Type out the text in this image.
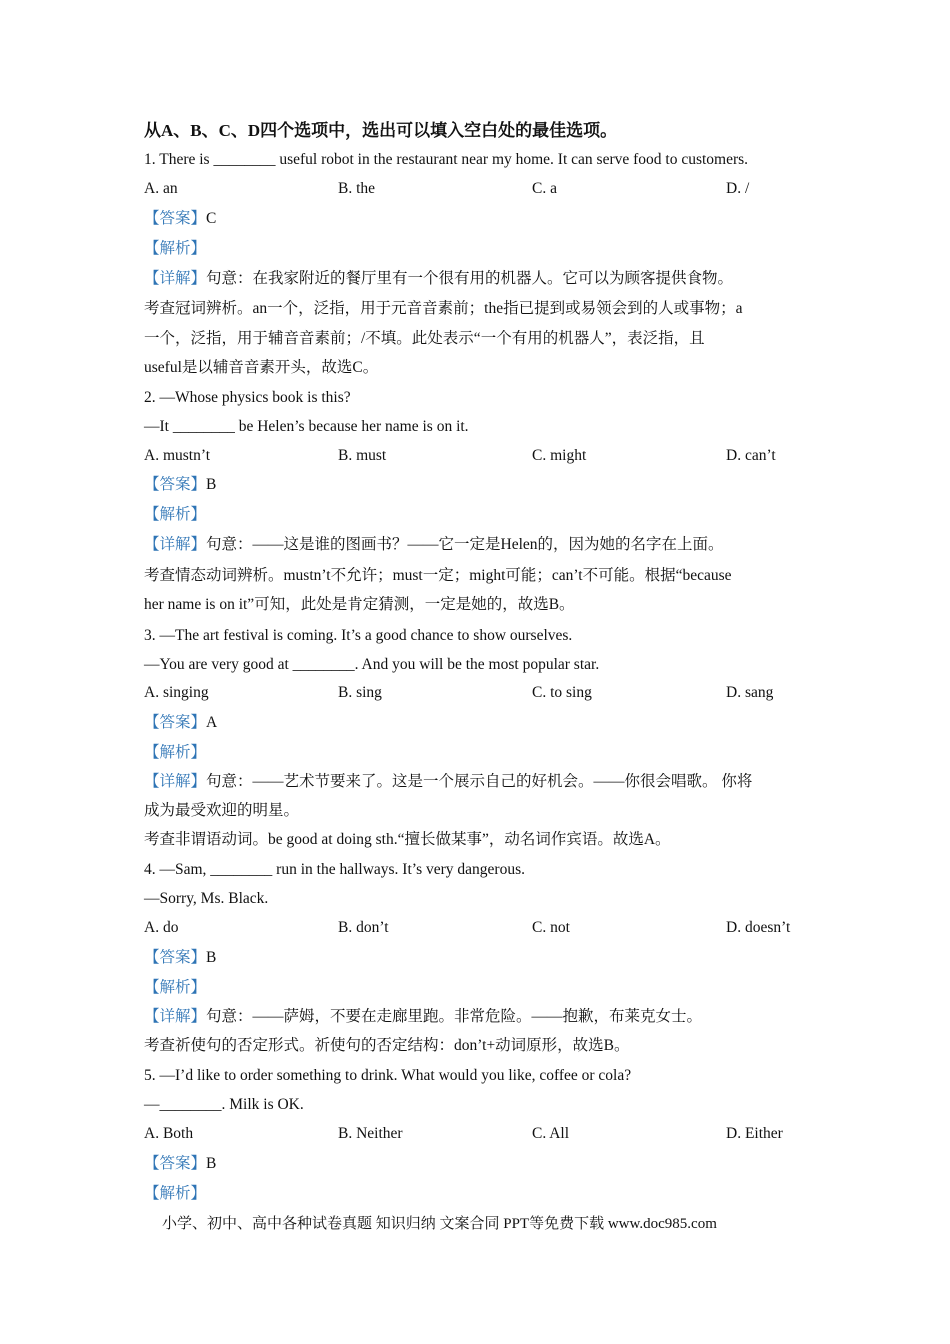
从A、B、C、D四个选项中，选出可以填入空白处的最佳选项。
1. There is ________ useful robot in the restaurant near my home. It can serve food to customers.
A. an	B. the	C. a	D. /
【答案】C
【解析】
【详解】句意：在我家附近的餐厅里有一个很有用的机器人。它可以为顾客提供食物。
考查冠词辨析。an一个，泛指，用于元音音素前；the指已提到或易领会到的人或事物；a
一个，泛指，用于辅音音素前；/不填。此处表示“一个有用的机器人”，表泛指，且
useful是以辅音音素开头，故选C。
2. —Whose physics book is this?
—It ________ be Helen’s because her name is on it.
A. mustn’t	B. must	C. might	D. can’t
【答案】B
【解析】
【详解】句意：——这是谁的图画书？——它一定是Helen的，因为她的名字在上面。
考查情态动词辨析。mustn’t不允许；must一定；might可能；can’t不可能。根据“because
her name is on it”可知，此处是肯定猜测，一定是她的，故选B。
3. —The art festival is coming. It’s a good chance to show ourselves.
—You are very good at ________. And you will be the most popular star.
A. singing	B. sing	C. to sing	D. sang
【答案】A
【解析】
【详解】句意：——艺术节要来了。这是一个展示自己的好机会。——你很会唱歌。 你将
成为最受欢迎的明星。
考查非谓语动词。be good at doing sth.“擅长做某事”，动名词作宾语。故选A。
4. —Sam, ________ run in the hallways. It’s very dangerous.
—Sorry, Ms. Black.
A. do	B. don’t	C. not	D. doesn’t
【答案】B
【解析】
【详解】句意：——萨姆，不要在走廊里跑。非常危险。——抱歉，布莱克女士。
考查祈使句的否定形式。祈使句的否定结构：don’t+动词原形，故选B。
5. —I’d like to order something to drink. What would you like, coffee or cola?
—________. Milk is OK.
A. Both	B. Neither	C. All	D. Either
【答案】B
【解析】
小学、初中、高中各种试卷真题 知识归纳 文案合同 PPT等免费下载 www.doc985.com
